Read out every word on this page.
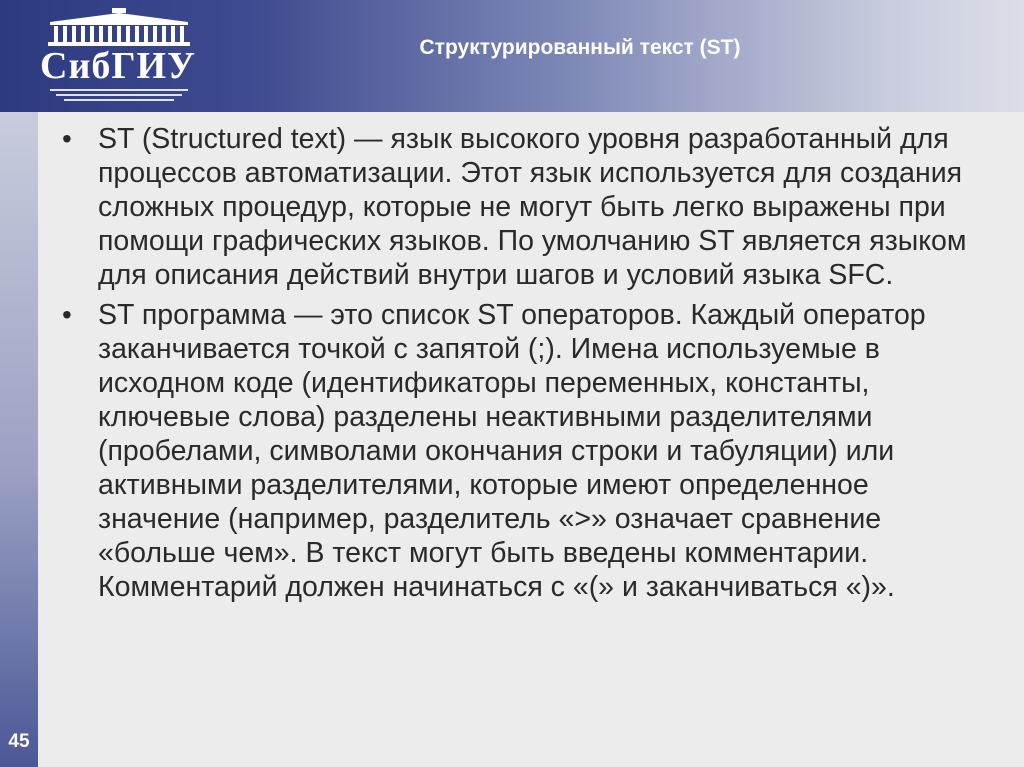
СибГИУ	Структурированный текст (ST)
45
• ST (Structured text) — язык высокого уровня разработанный для процессов автоматизации. Этот язык используется для создания сложных процедур, которые не могут быть легко выражены при помощи графических языков. По умолчанию ST является языком для описания действий внутри шагов и условий языка SFC.
• ST программа — это список ST операторов. Каждый оператор заканчивается точкой с запятой (;). Имена используемые в исходном коде (идентификаторы переменных, константы, ключевые слова) разделены неактивными разделителями (пробелами, символами окончания строки и табуляции) или активными разделителями, которые имеют определенное значение (например, разделитель «>» означает сравнение «больше чем». В текст могут быть введены комментарии. Комментарий должен начинаться с «(» и заканчиваться «)».
